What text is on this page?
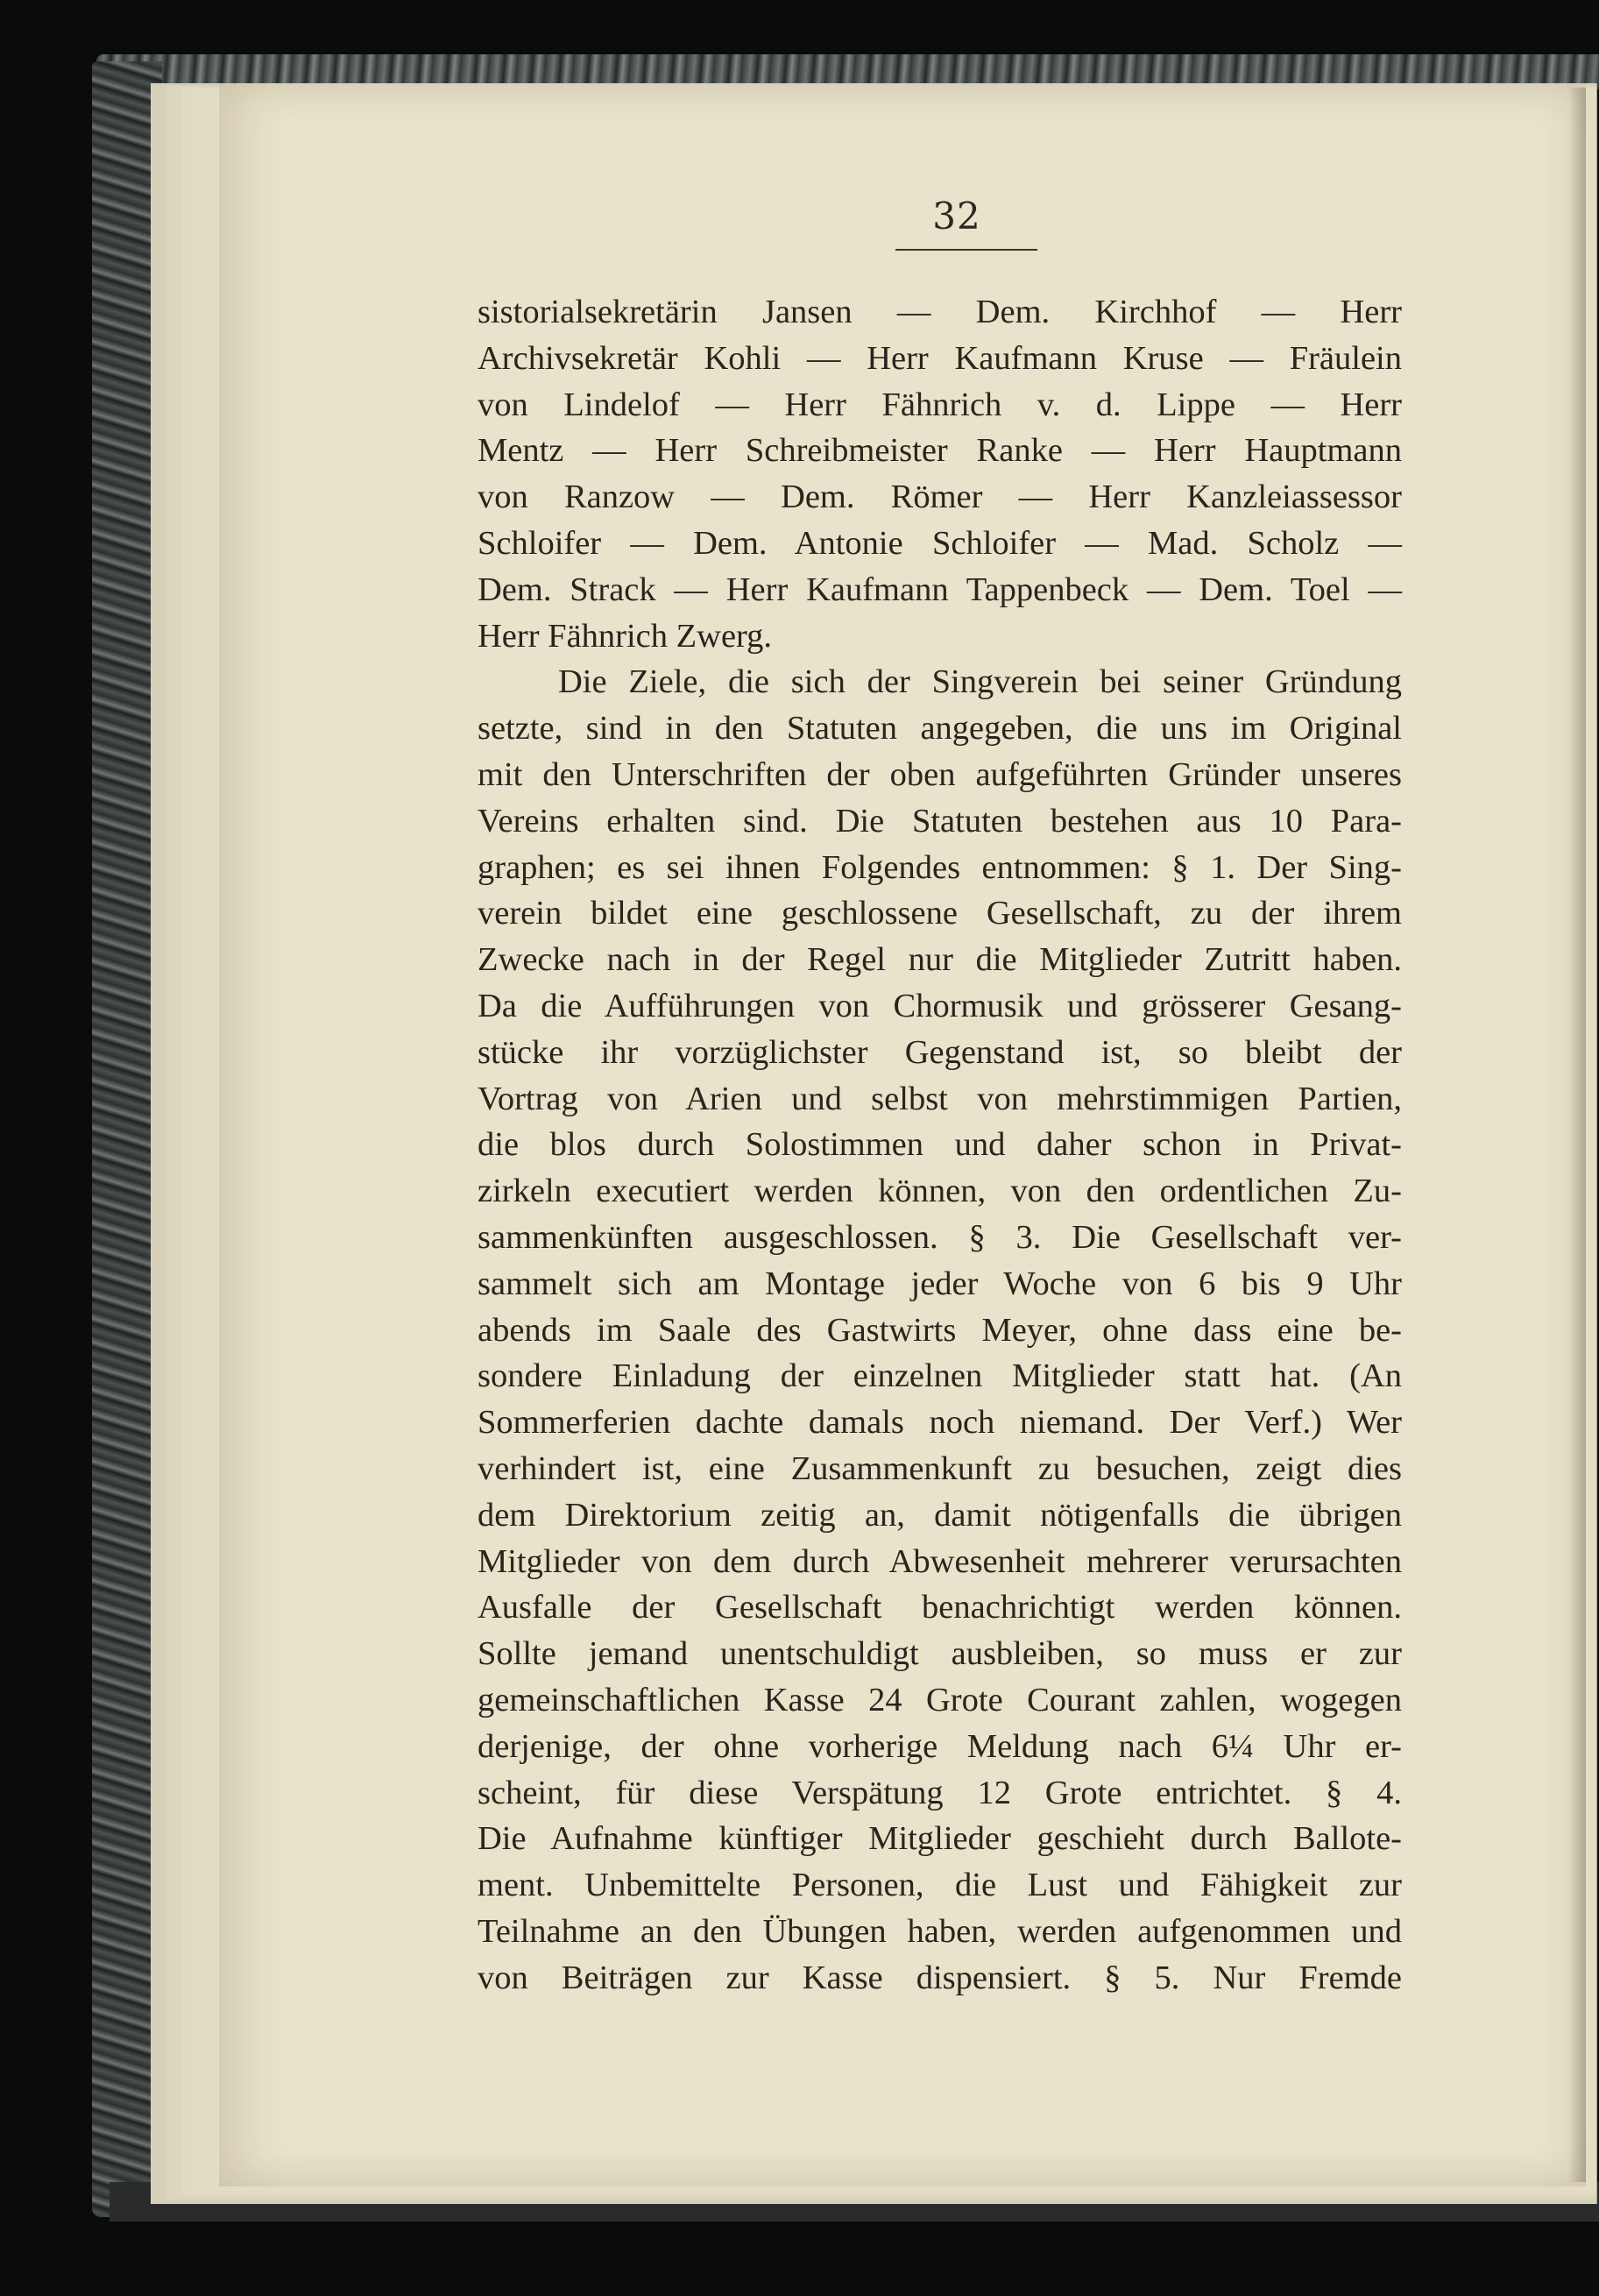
32
sistorialsekretärin Jansen — Dem. Kirchhof — Herr
Archivsekretär Kohli — Herr Kaufmann Kruse — Fräulein
von Lindelof — Herr Fähnrich v. d. Lippe — Herr
Mentz — Herr Schreibmeister Ranke — Herr Hauptmann
von Ranzow — Dem. Römer — Herr Kanzleiassessor
Schloifer — Dem. Antonie Schloifer — Mad. Scholz —
Dem. Strack — Herr Kaufmann Tappenbeck — Dem. Toel —
Herr Fähnrich Zwerg.
Die Ziele, die sich der Singverein bei seiner Gründung
setzte, sind in den Statuten angegeben, die uns im Original
mit den Unterschriften der oben aufgeführten Gründer unseres
Vereins erhalten sind. Die Statuten bestehen aus 10 Para-
graphen; es sei ihnen Folgendes entnommen: § 1. Der Sing-
verein bildet eine geschlossene Gesellschaft, zu der ihrem
Zwecke nach in der Regel nur die Mitglieder Zutritt haben.
Da die Aufführungen von Chormusik und grösserer Gesang-
stücke ihr vorzüglichster Gegenstand ist, so bleibt der
Vortrag von Arien und selbst von mehrstimmigen Partien,
die blos durch Solostimmen und daher schon in Privat-
zirkeln executiert werden können, von den ordentlichen Zu-
sammenkünften ausgeschlossen. § 3. Die Gesellschaft ver-
sammelt sich am Montage jeder Woche von 6 bis 9 Uhr
abends im Saale des Gastwirts Meyer, ohne dass eine be-
sondere Einladung der einzelnen Mitglieder statt hat. (An
Sommerferien dachte damals noch niemand. Der Verf.) Wer
verhindert ist, eine Zusammenkunft zu besuchen, zeigt dies
dem Direktorium zeitig an, damit nötigenfalls die übrigen
Mitglieder von dem durch Abwesenheit mehrerer verursachten
Ausfalle der Gesellschaft benachrichtigt werden können.
Sollte jemand unentschuldigt ausbleiben, so muss er zur
gemeinschaftlichen Kasse 24 Grote Courant zahlen, wogegen
derjenige, der ohne vorherige Meldung nach 6¼ Uhr er-
scheint, für diese Verspätung 12 Grote entrichtet. § 4.
Die Aufnahme künftiger Mitglieder geschieht durch Ballote-
ment. Unbemittelte Personen, die Lust und Fähigkeit zur
Teilnahme an den Übungen haben, werden aufgenommen und
von Beiträgen zur Kasse dispensiert. § 5. Nur Fremde
